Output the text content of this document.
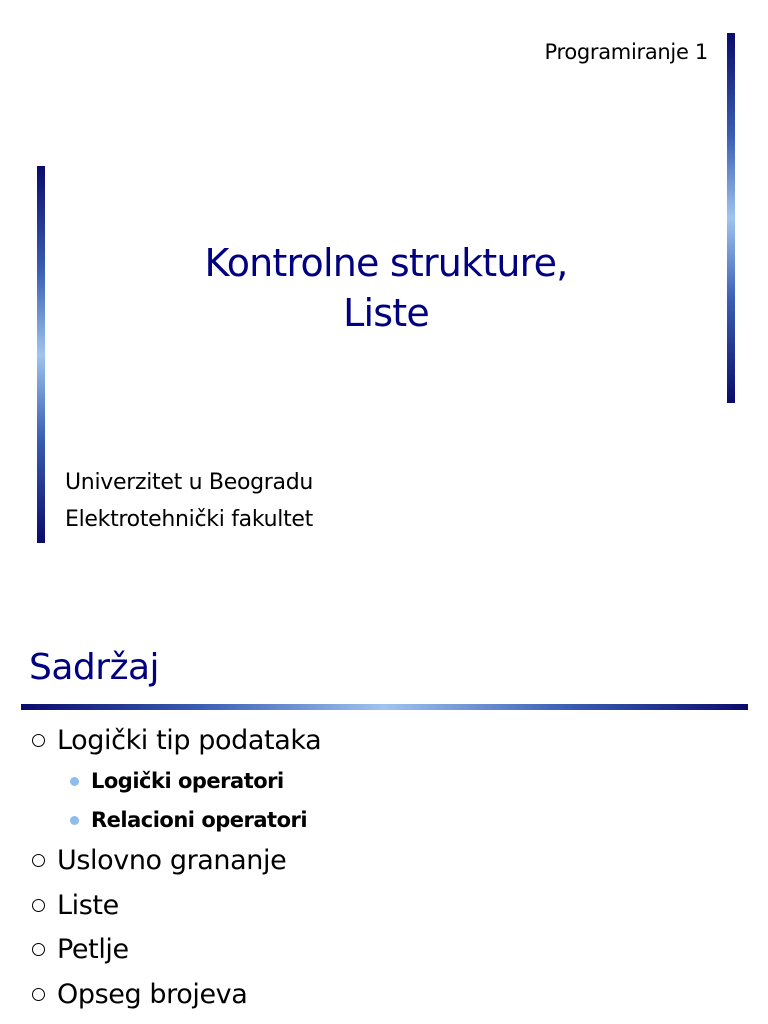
Programiranje 1
Kontrolne strukture,
Liste
Univerzitet u Beogradu
Elektrotehnički fakultet
Sadržaj
Logički tip podataka
Logički operatori
Relacioni operatori
Uslovno grananje
Liste
Petlje
Opseg brojeva
